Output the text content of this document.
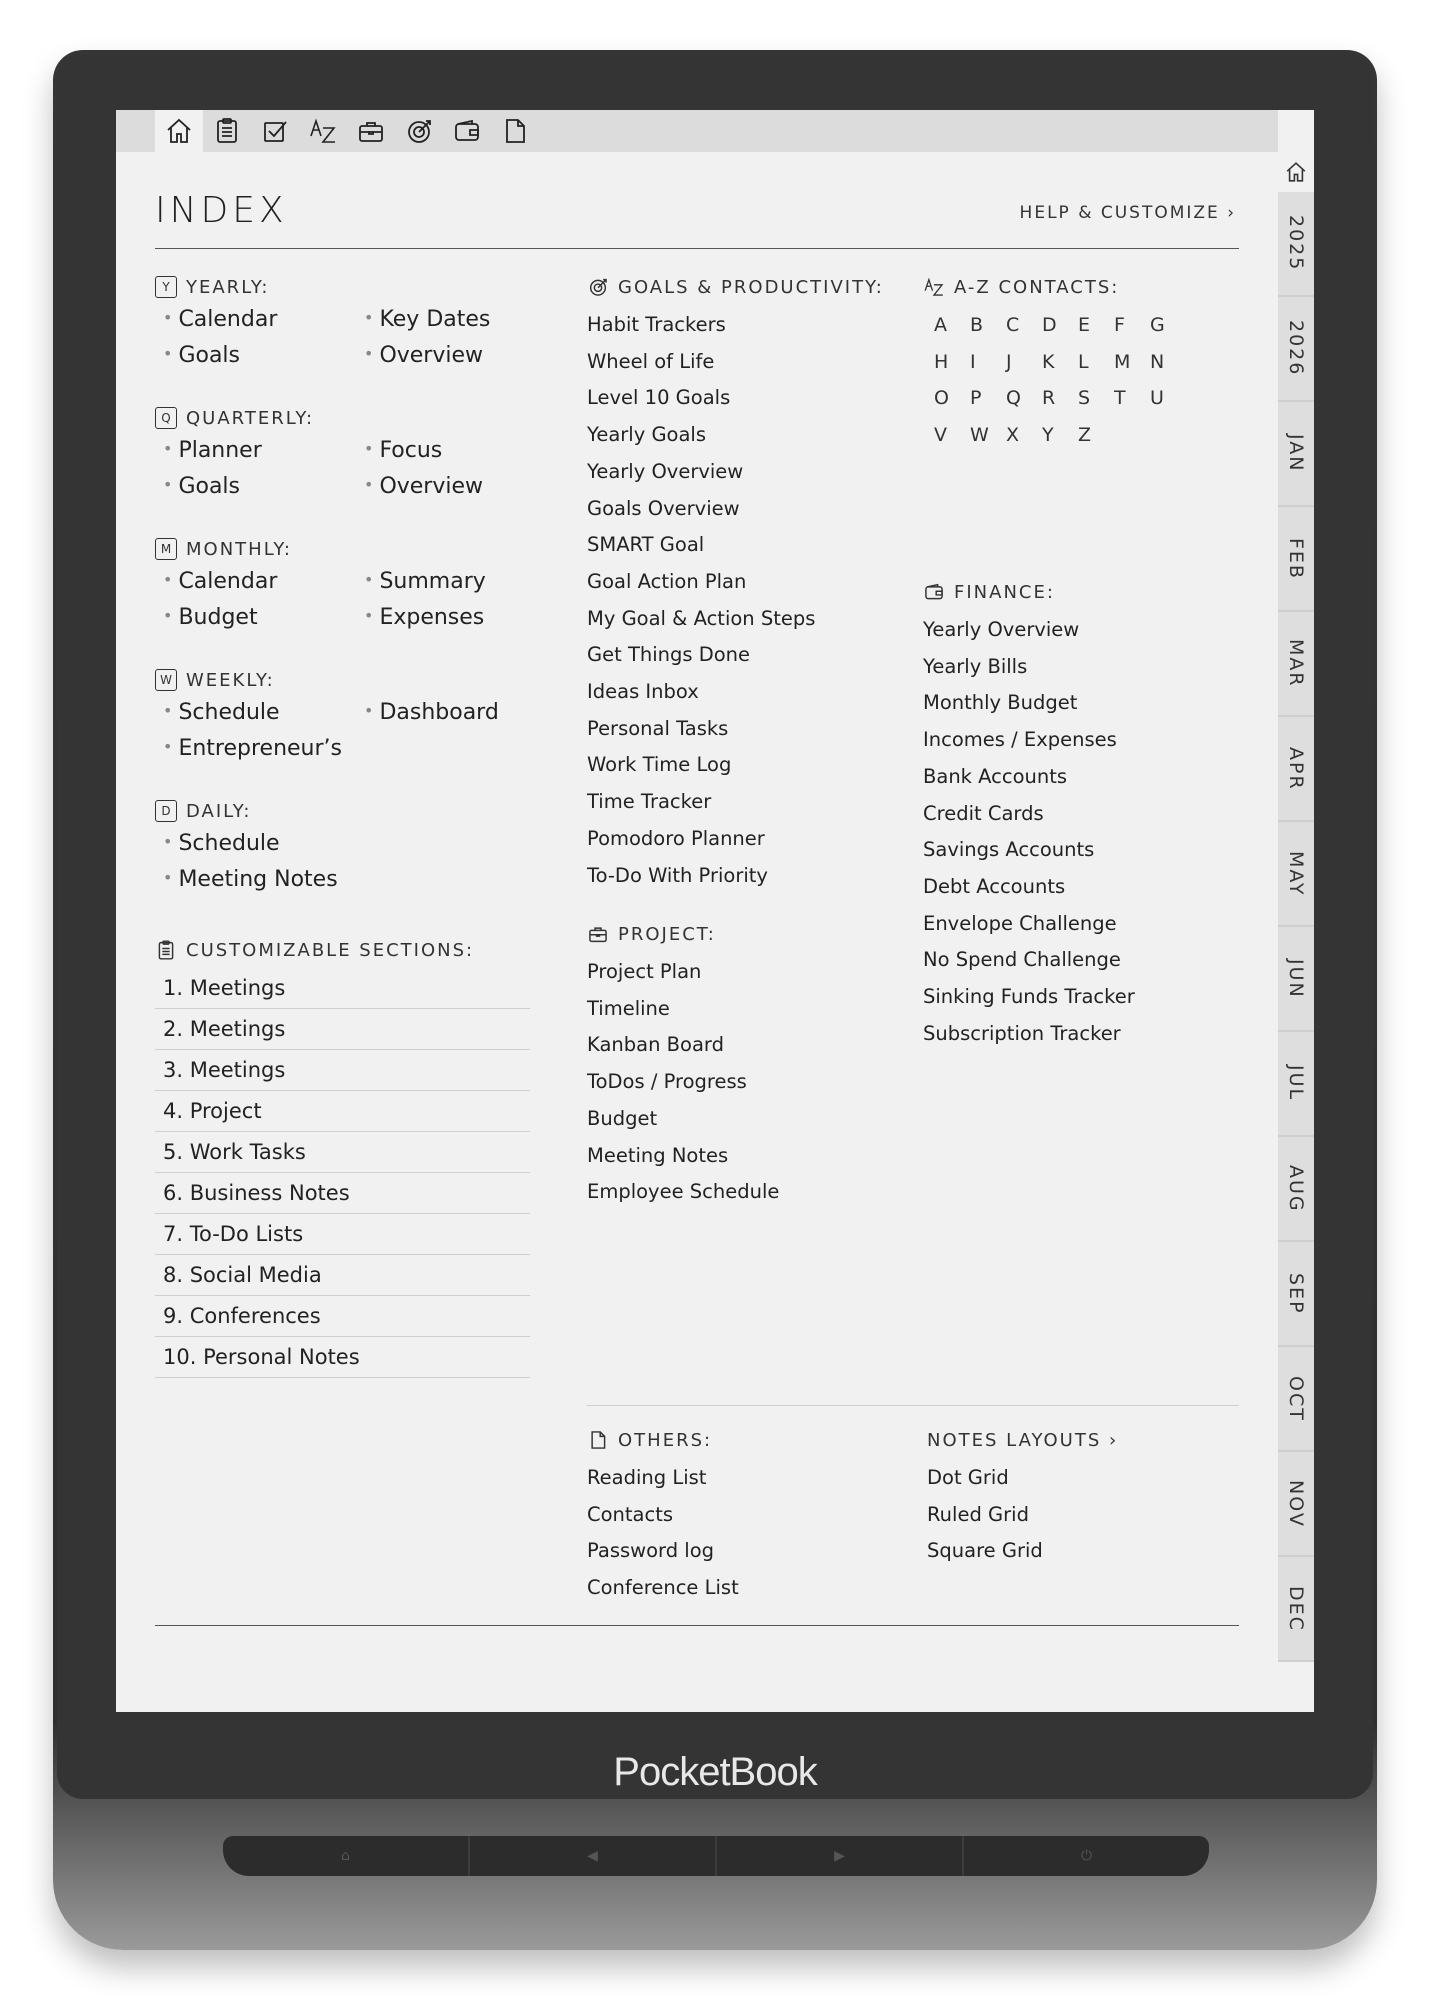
PocketBook
⌂	◀	▶	⏻
2025
2026
JAN
FEB
MAR
APR
MAY
JUN
JUL
AUG
SEP
OCT
NOV
DEC
INDEX	HELP & CUSTOMIZE ›
Y YEARLY:
• Calendar	• Key Dates
• Goals	• Overview
Q QUARTERLY:
• Planner	• Focus
• Goals	• Overview
M MONTHLY:
• Calendar	• Summary
• Budget	• Expenses
W WEEKLY:
• Schedule	• Dashboard
• Entrepreneur’s
D DAILY:
• Schedule
• Meeting Notes
CUSTOMIZABLE SECTIONS:
1. Meetings
2. Meetings
3. Meetings
4. Project
5. Work Tasks
6. Business Notes
7. To-Do Lists
8. Social Media
9. Conferences
10. Personal Notes
GOALS & PRODUCTIVITY:
Habit Trackers
Wheel of Life
Level 10 Goals
Yearly Goals
Yearly Overview
Goals Overview
SMART Goal
Goal Action Plan
My Goal & Action Steps
Get Things Done
Ideas Inbox
Personal Tasks
Work Time Log
Time Tracker
Pomodoro Planner
To-Do With Priority
PROJECT:
Project Plan
Timeline
Kanban Board
ToDos / Progress
Budget
Meeting Notes
Employee Schedule
A-Z CONTACTS:
A	B	C	D	E	F	G
H	I	J	K	L	M	N
O	P	Q	R	S	T	U
V	W X	Y	Z
FINANCE:
Yearly Overview
Yearly Bills
Monthly Budget
Incomes / Expenses
Bank Accounts
Credit Cards
Savings Accounts
Debt Accounts
Envelope Challenge
No Spend Challenge
Sinking Funds Tracker
Subscription Tracker
OTHERS:
Reading List
Contacts
Password log
Conference List
NOTES LAYOUTS ›
Dot Grid
Ruled Grid
Square Grid
